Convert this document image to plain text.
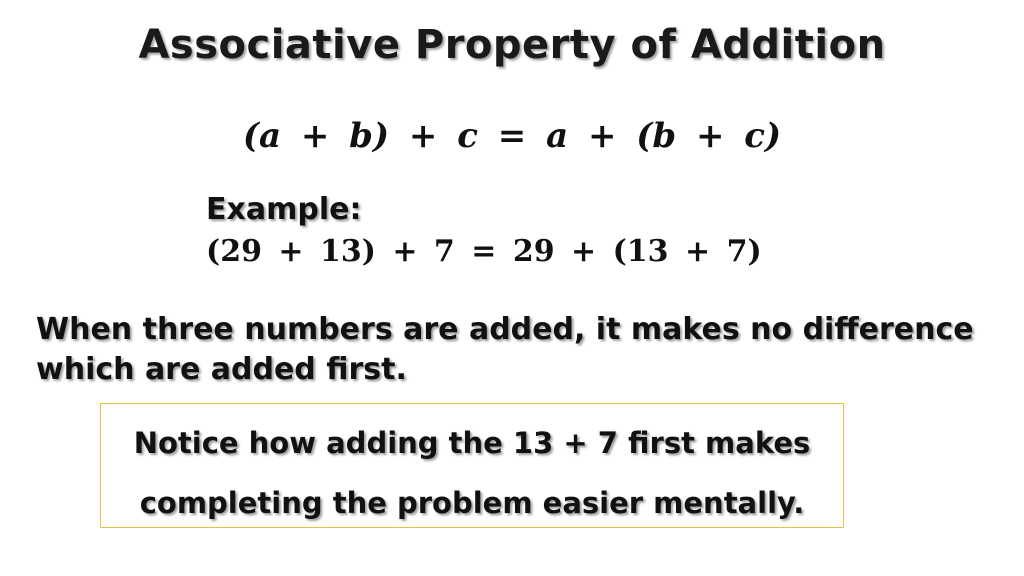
Associative Property of Addition
(a + b) + c = a + (b + c)
Example:
(29 + 13) + 7 = 29 + (13 + 7)
When three numbers are added, it makes no difference
which are added first.
Notice how adding the 13 + 7 first makes
completing the problem easier mentally.
